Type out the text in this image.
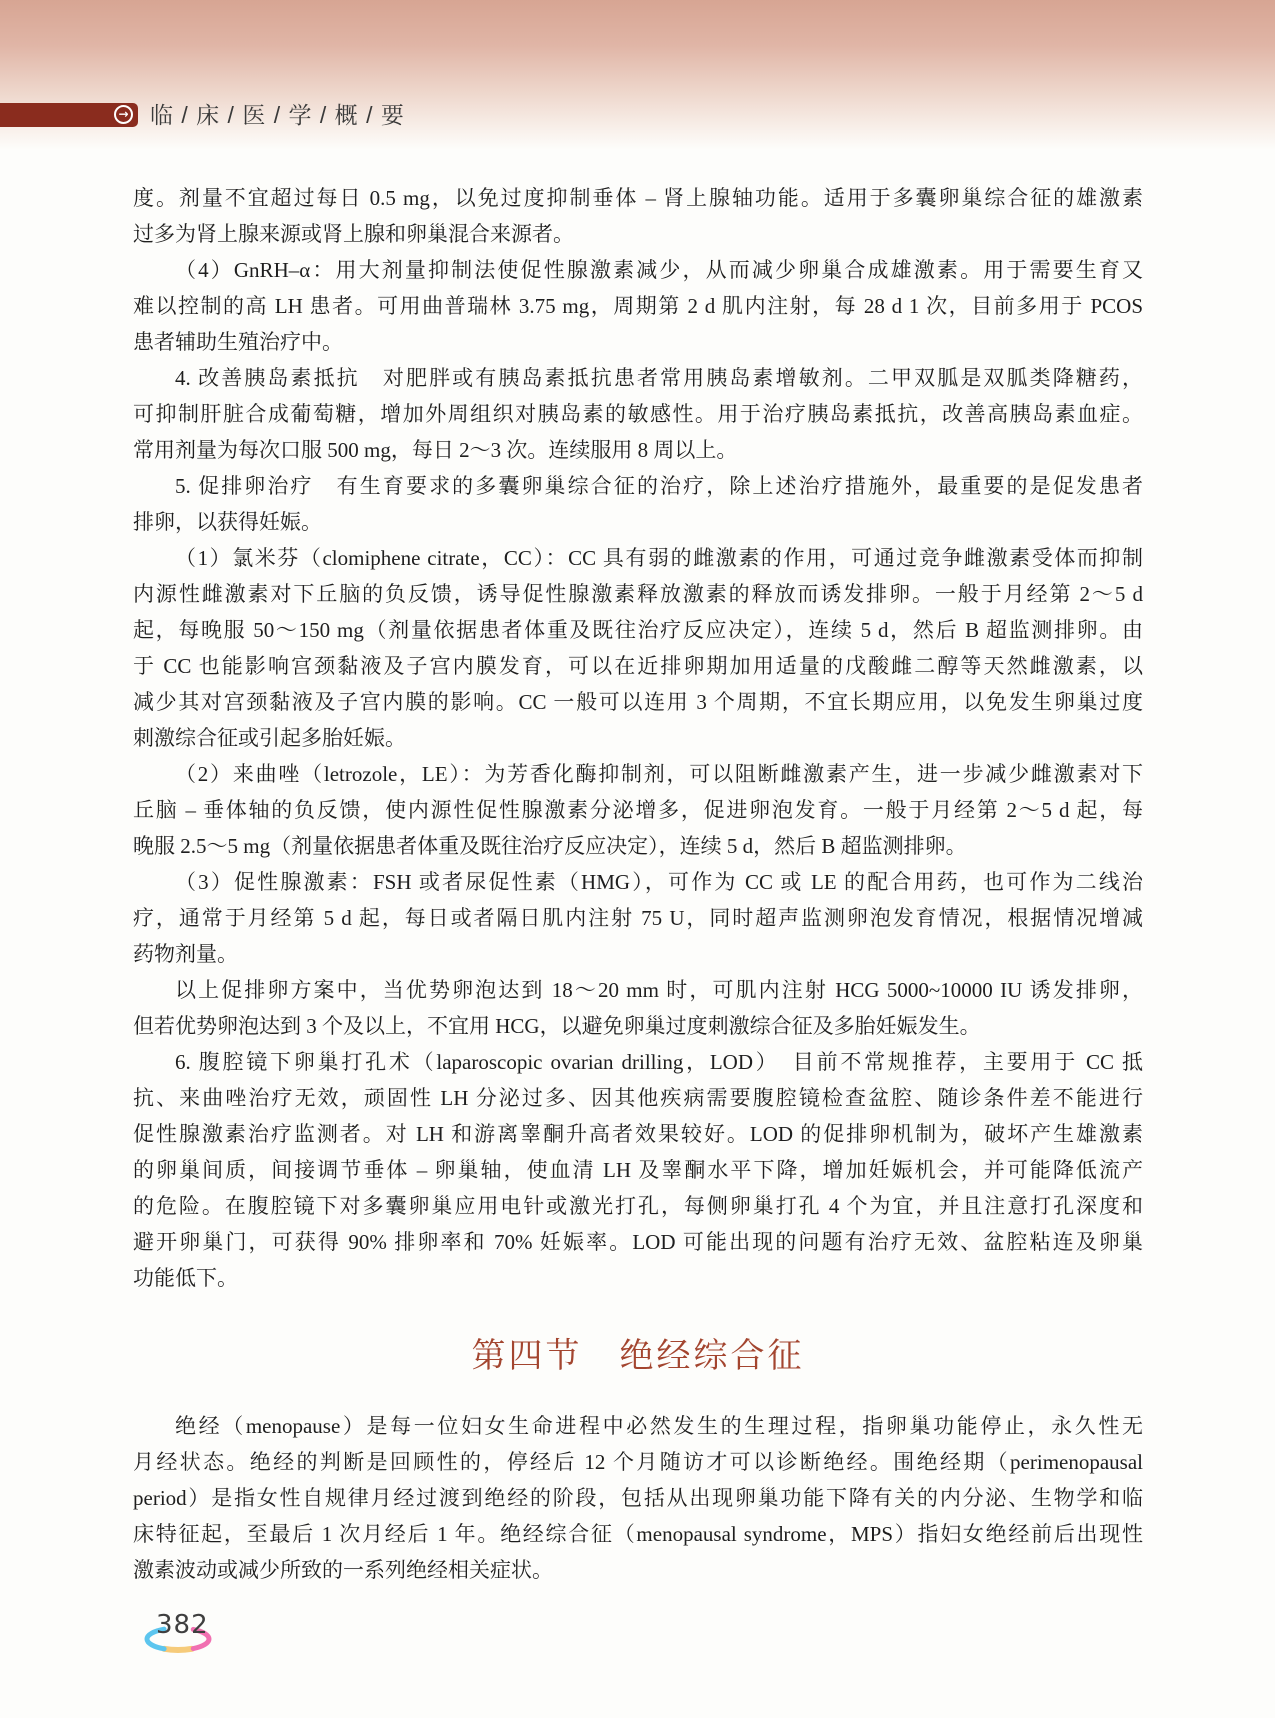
→ 临 / 床 / 医 / 学 / 概 / 要
度。剂量不宜超过每日 0.5 mg，以免过度抑制垂体 – 肾上腺轴功能。适用于多囊卵巢综合征的雄激素
过多为肾上腺来源或肾上腺和卵巢混合来源者。
（4）GnRH–α：用大剂量抑制法使促性腺激素减少，从而减少卵巢合成雄激素。用于需要生育又
难以控制的高 LH 患者。可用曲普瑞林 3.75 mg，周期第 2 d 肌内注射，每 28 d 1 次，目前多用于 PCOS
患者辅助生殖治疗中。
4. 改善胰岛素抵抗　对肥胖或有胰岛素抵抗患者常用胰岛素增敏剂。二甲双胍是双胍类降糖药，
可抑制肝脏合成葡萄糖，增加外周组织对胰岛素的敏感性。用于治疗胰岛素抵抗，改善高胰岛素血症。
常用剂量为每次口服 500 mg，每日 2～3 次。连续服用 8 周以上。
5. 促排卵治疗　有生育要求的多囊卵巢综合征的治疗，除上述治疗措施外，最重要的是促发患者
排卵，以获得妊娠。
（1）氯米芬（clomiphene citrate，CC）：CC 具有弱的雌激素的作用，可通过竞争雌激素受体而抑制
内源性雌激素对下丘脑的负反馈，诱导促性腺激素释放激素的释放而诱发排卵。一般于月经第 2～5 d
起，每晚服 50～150 mg（剂量依据患者体重及既往治疗反应决定），连续 5 d，然后 B 超监测排卵。由
于 CC 也能影响宫颈黏液及子宫内膜发育，可以在近排卵期加用适量的戊酸雌二醇等天然雌激素，以
减少其对宫颈黏液及子宫内膜的影响。CC 一般可以连用 3 个周期，不宜长期应用，以免发生卵巢过度
刺激综合征或引起多胎妊娠。
（2）来曲唑（letrozole，LE）：为芳香化酶抑制剂，可以阻断雌激素产生，进一步减少雌激素对下
丘脑 – 垂体轴的负反馈，使内源性促性腺激素分泌增多，促进卵泡发育。一般于月经第 2～5 d 起，每
晚服 2.5～5 mg（剂量依据患者体重及既往治疗反应决定），连续 5 d，然后 B 超监测排卵。
（3）促性腺激素：FSH 或者尿促性素（HMG），可作为 CC 或 LE 的配合用药，也可作为二线治
疗，通常于月经第 5 d 起，每日或者隔日肌内注射 75 U，同时超声监测卵泡发育情况，根据情况增减
药物剂量。
以上促排卵方案中，当优势卵泡达到 18～20 mm 时，可肌内注射 HCG 5000~10000 IU 诱发排卵，
但若优势卵泡达到 3 个及以上，不宜用 HCG，以避免卵巢过度刺激综合征及多胎妊娠发生。
6. 腹腔镜下卵巢打孔术（laparoscopic ovarian drilling，LOD）　目前不常规推荐，主要用于 CC 抵
抗、来曲唑治疗无效，顽固性 LH 分泌过多、因其他疾病需要腹腔镜检查盆腔、随诊条件差不能进行
促性腺激素治疗监测者。对 LH 和游离睾酮升高者效果较好。LOD 的促排卵机制为，破坏产生雄激素
的卵巢间质，间接调节垂体 – 卵巢轴，使血清 LH 及睾酮水平下降，增加妊娠机会，并可能降低流产
的危险。在腹腔镜下对多囊卵巢应用电针或激光打孔，每侧卵巢打孔 4 个为宜，并且注意打孔深度和
避开卵巢门，可获得 90% 排卵率和 70% 妊娠率。LOD 可能出现的问题有治疗无效、盆腔粘连及卵巢
功能低下。
第四节　绝经综合征
绝经（menopause）是每一位妇女生命进程中必然发生的生理过程，指卵巢功能停止，永久性无
月经状态。绝经的判断是回顾性的，停经后 12 个月随访才可以诊断绝经。围绝经期（perimenopausal
period）是指女性自规律月经过渡到绝经的阶段，包括从出现卵巢功能下降有关的内分泌、生物学和临
床特征起，至最后 1 次月经后 1 年。绝经综合征（menopausal syndrome，MPS）指妇女绝经前后出现性
激素波动或减少所致的一系列绝经相关症状。
382
